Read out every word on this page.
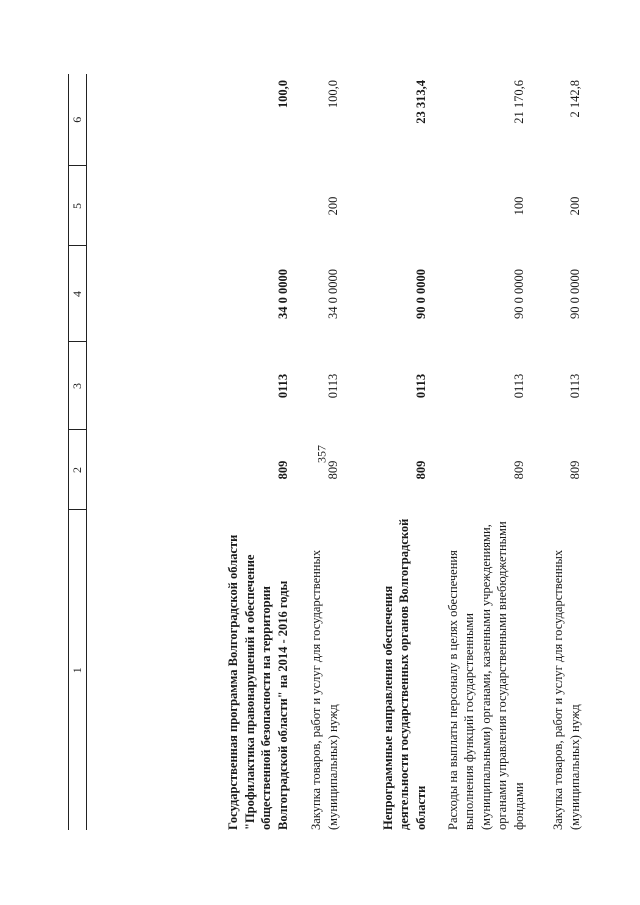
357
1	2	3	4	5	6
Государственная программа Волгоградской области "Профилактика правонарушений и обеспечение общественной безопасности на территории Волгоградской области" на 2014 - 2016 годы	809	0113	34 0 0000		100,0
Закупка товаров, работ и услуг для государственных (муниципальных) нужд	809	0113	34 0 0000	200	100,0
Непрограммные направления обеспечения деятельности государственных органов Волгоградской области	809	0113	90 0 0000		23 313,4
Расходы на выплаты персоналу в целях обеспечения выполнения функций государственными (муниципальными) органами, казенными учреждениями, органами управления государственными внебюджетными фондами	809	0113	90 0 0000	100	21 170,6
Закупка товаров, работ и услуг для государственных (муниципальных) нужд	809	0113	90 0 0000	200	2 142,8
